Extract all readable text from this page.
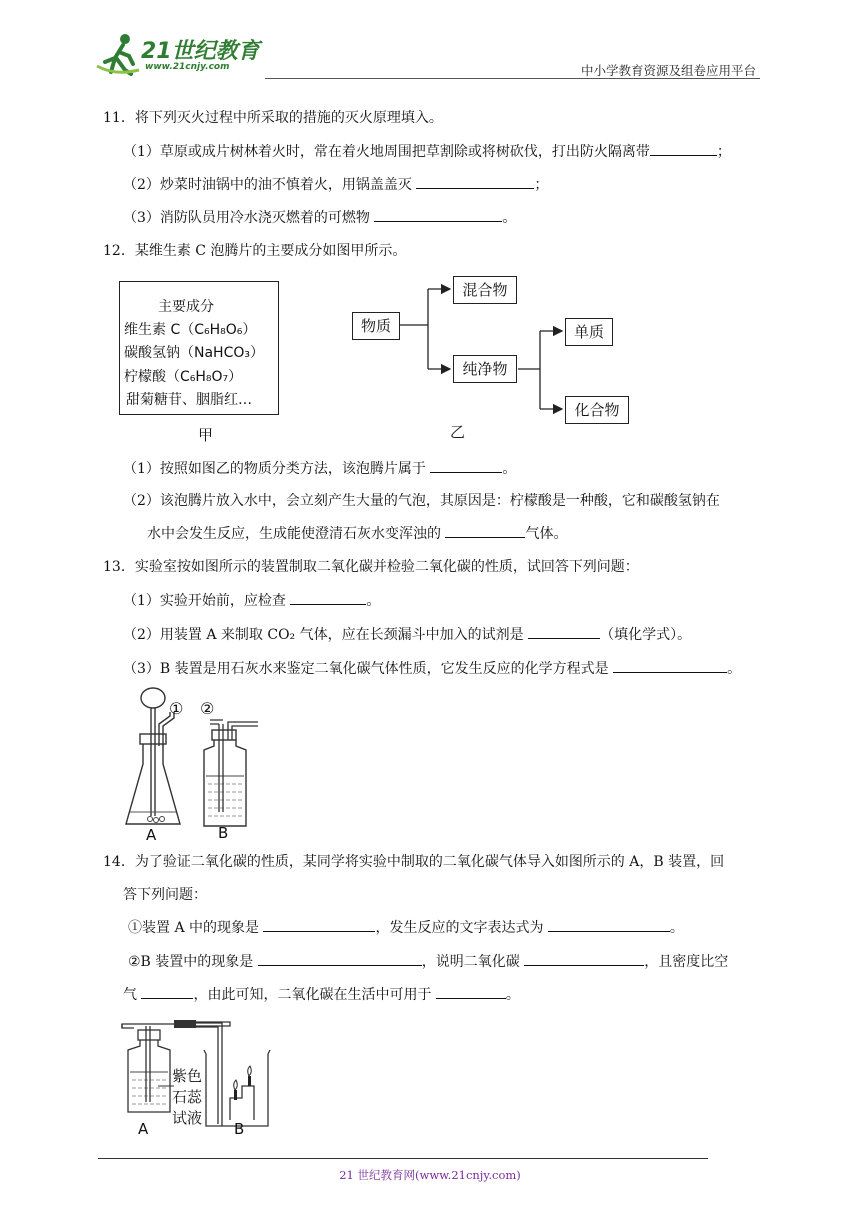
21世纪教育
www.21cnjy.com	中小学教育资源及组卷应用平台
11．将下列灭火过程中所采取的措施的灭火原理填入。
（1）草原或成片树林着火时，常在着火地周围把草割除或将树砍伐，打出防火隔离带	；
（2）炒菜时油锅中的油不慎着火，用锅盖盖灭	；
（3）消防队员用冷水浇灭燃着的可燃物	。
12．某维生素 C 泡腾片的主要成分如图甲所示。
主要成分
维生素 C（C₆H₈O₆）
碳酸氢钠（NaHCO₃）
柠檬酸（C₆H₈O₇）
甜菊糖苷、胭脂红…
甲
物质
混合物
纯净物
单质
化合物
乙
（1）按照如图乙的物质分类方法，该泡腾片属于	。
（2）该泡腾片放入水中，会立刻产生大量的气泡，其原因是：柠檬酸是一种酸，它和碳酸氢钠在
水中会发生反应，生成能使澄清石灰水变浑浊的	气体。
13．实验室按如图所示的装置制取二氧化碳并检验二氧化碳的性质，试回答下列问题：
（1）实验开始前，应检查	。
（2）用装置 A 来制取 CO₂ 气体，应在长颈漏斗中加入的试剂是	（填化学式）。
（3）B 装置是用石灰水来鉴定二氧化碳气体性质，它发生反应的化学方程式是	。
① ②
A	B
14．为了验证二氧化碳的性质，某同学将实验中制取的二氧化碳气体导入如图所示的 A，B 装置，回
答下列问题：
①装置 A 中的现象是	，发生反应的文字表达式为	。
②B 装置中的现象是	，说明二氧化碳	，且密度比空
气	，由此可知，二氧化碳在生活中可用于	。
紫色
石蕊
试液
A	B
21 世纪教育网(www.21cnjy.com)
